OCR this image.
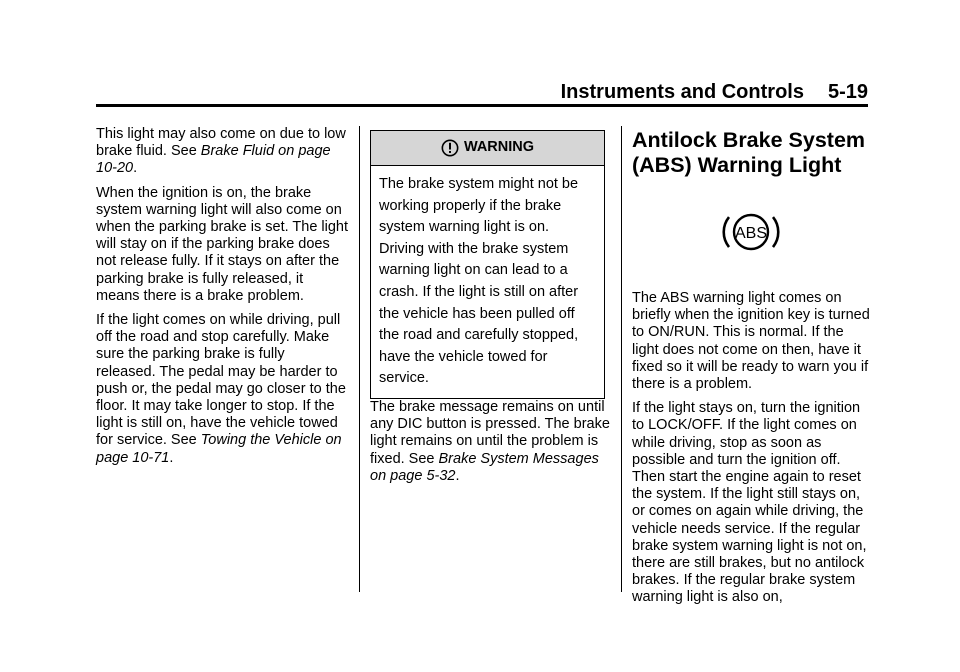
Instruments and Controls 5-19

This light may also come on due to low brake fluid. See Brake Fluid on page 10-20.

When the ignition is on, the brake system warning light will also come on when the parking brake is set. The light will stay on if the parking brake does not release fully. If it stays on after the parking brake is fully released, it means there is a brake problem.

If the light comes on while driving, pull off the road and stop carefully. Make sure the parking brake is fully released. The pedal may be harder to push or, the pedal may go closer to the floor. It may take longer to stop. If the light is still on, have the vehicle towed for service. See Towing the Vehicle on page 10-71.

WARNING
The brake system might not be working properly if the brake system warning light is on. Driving with the brake system warning light on can lead to a crash. If the light is still on after the vehicle has been pulled off the road and carefully stopped, have the vehicle towed for service.

The brake message remains on until any DIC button is pressed. The brake light remains on until the problem is fixed. See Brake System Messages on page 5-32.

Antilock Brake System (ABS) Warning Light
ABS

The ABS warning light comes on briefly when the ignition key is turned to ON/RUN. This is normal. If the light does not come on then, have it fixed so it will be ready to warn you if there is a problem.

If the light stays on, turn the ignition to LOCK/OFF. If the light comes on while driving, stop as soon as possible and turn the ignition off. Then start the engine again to reset the system. If the light still stays on, or comes on again while driving, the vehicle needs service. If the regular brake system warning light is not on, there are still brakes, but no antilock brakes. If the regular brake system warning light is also on,
